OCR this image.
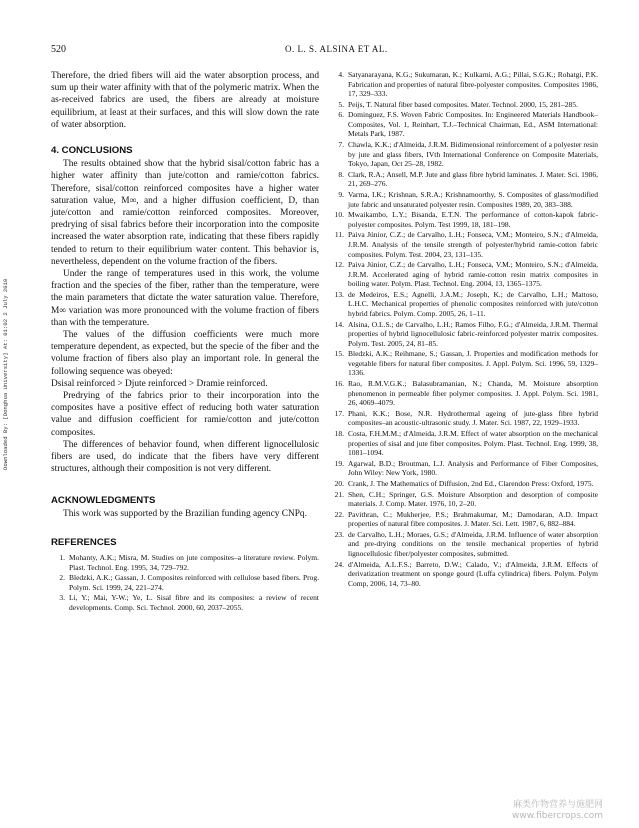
520	O. L. S. ALSINA ET AL.
Downloaded By: [Donghua University] At: 01:02 2 July 2010

Therefore, the dried fibers will aid the water absorption process, and sum up their water affinity with that of the polymeric matrix. When the as-received fabrics are used, the fibers are already at moisture equilibrium, at least at their surfaces, and this will slow down the rate of water absorption.

4. CONCLUSIONS

The results obtained show that the hybrid sisal/cotton fabric has a higher water affinity than jute/cotton and ramie/cotton fabrics. Therefore, sisal/cotton reinforced composites have a higher water saturation value, M∞, and a higher diffusion coefficient, D, than jute/cotton and ramie/cotton reinforced composites. Moreover, predrying of sisal fabrics before their incorporation into the composite increased the water absorption rate, indicating that these fibers rapidly tended to return to their equilibrium water content. This behavior is, nevertheless, dependent on the volume fraction of the fibers.

Under the range of temperatures used in this work, the volume fraction and the species of the fiber, rather than the temperature, were the main parameters that dictate the water saturation value. Therefore, M∞ variation was more pronounced with the volume fraction of fibers than with the temperature.

The values of the diffusion coefficients were much more temperature dependent, as expected, but the specie of the fiber and the volume fraction of fibers also play an important role. In general the following sequence was obeyed:

Dsisal reinforced > Djute reinforced > Dramie reinforced.

Predrying of the fabrics prior to their incorporation into the composites have a positive effect of reducing both water saturation value and diffusion coefficient for ramie/cotton and jute/cotton composites.

The differences of behavior found, when different lignocellulosic fibers are used, do indicate that the fibers have very different structures, although their composition is not very different.

ACKNOWLEDGMENTS

This work was supported by the Brazilian funding agency CNPq.

REFERENCES
1. Mohanty, A.K.; Misra, M. Studies on jute composites–a literature review. Polym. Plast. Technol. Eng. 1995, 34, 729–792.
2. Bledzki, A.K.; Gassan, J. Composites reinforced with cellulose based fibers. Prog. Polym. Sci. 1999, 24, 221–274.
3. Li, Y.; Mai, Y-W.; Ye, L. Sisal fibre and its composites: a review of recent developments. Comp. Sci. Technol. 2000, 60, 2037–2055.
4. Satyanarayana, K.G.; Sukumaran, K.; Kulkarni, A.G.; Pillai, S.G.K.; Rohatgi, P.K. Fabrication and properties of natural fibre-polyester composites. Composites 1986, 17, 329–333.
5. Peijs, T. Natural fiber based composites. Mater. Technol. 2000, 15, 281–285.
6. Dominguez, F.S. Woven Fabric Composites. In: Engineered Materials Handbook–Composites, Vol. 1, Reinhart, T.J.–Technical Chairman, Ed., ASM International: Metals Park, 1987.
7. Chawla, K.K.; d'Almeida, J.R.M. Bidimensional reinforcement of a polyester resin by jute and glass fibers, IVth International Conference on Composite Materials, Tokyo, Japan, Oct 25–28, 1982.
8. Clark, R.A.; Ansell, M.P. Jute and glass fibre hybrid laminates. J. Mater. Sci. 1986, 21, 269–276.
9. Varma, I.K.; Krishnan, S.R.A.; Krishnamoorthy, S. Composites of glass/modified jute fabric and unsaturated polyester resin. Composites 1989, 20, 383–388.
10. Mwaikambo, L.Y.; Bisanda, E.T.N. The performance of cotton-kapok fabric-polyester composites. Polym. Test 1999, 18, 181–198.
11. Paiva Júnior, C.Z.; de Carvalho, L.H.; Fonseca, V.M.; Monteiro, S.N.; d'Almeida, J.R.M. Analysis of the tensile strength of polyester/hybrid ramie-cotton fabric composites. Polym. Test. 2004, 23, 131–135.
12. Paiva Júnior, C.Z.; de Carvalho, L.H.; Fonseca, V.M.; Monteiro, S.N.; d'Almeida, J.R.M. Accelerated aging of hybrid ramie-cotton resin matrix composites in boiling water. Polym. Plast. Technol. Eng. 2004, 13, 1365–1375.
13. de Medeiros, E.S.; Agnelli, J.A.M.; Joseph, K.; de Carvalho, L.H.; Mattoso, L.H.C. Mechanical properties of phenolic composites reinforced with jute/cotton hybrid fabrics. Polym. Comp. 2005, 26, 1–11.
14. Alsina, O.L.S.; de Carvalho, L.H.; Ramos Filho, F.G.; d'Almeida, J.R.M. Thermal properties of hybrid lignocellulosic fabric-reinforced polyester matrix composites. Polym. Test. 2005, 24, 81–85.
15. Bledzki, A.K.; Reihmane, S.; Gassan, J. Properties and modification methods for vegetable fibers for natural fiber composites. J. Appl. Polym. Sci. 1996, 59, 1329–1336.
16. Rao, R.M.V.G.K.; Balasubramanian, N.; Chanda, M. Moisture absorption phenomenon in permeable fiber polymer composites. J. Appl. Polym. Sci. 1981, 26, 4069–4079.
17. Phani, K.K.; Bose, N.R. Hydrothermal ageing of jute-glass fibre hybrid composites–an acoustic-ultrasonic study. J. Mater. Sci. 1987, 22, 1929–1933.
18. Costa, F.H.M.M.; d'Almeida, J.R.M. Effect of water absorption on the mechanical properties of sisal and jute fiber composites. Polym. Plast. Technol. Eng. 1999, 38, 1081–1094.
19. Agarwal, B.D.; Broutman, L.J. Analysis and Performance of Fiber Composites, John Wiley: New York, 1980.
20. Crank, J. The Mathematics of Diffusion, 2nd Ed., Clarendon Press: Oxford, 1975.
21. Shen, C.H.; Springer, G.S. Moisture Absorption and desorption of composite materials. J. Comp. Mater. 1976, 10, 2–20.
22. Pavithran, C.; Mukherjee, P.S.; Brahmakumar, M.; Damodaran, A.D. Impact properties of natural fibre composites. J. Mater. Sci. Lett. 1987, 6, 882–884.
23. de Carvalho, L.H.; Moraes, G.S.; d'Almeida, J.R.M. Influence of water absorption and pre-drying conditions on the tensile mechanical properties of hybrid lignocellulosic fiber/polyester composites, submitted.
24. d'Almeida, A.L.F.S.; Barreto, D.W.; Calado, V.; d'Almeida, J.R.M. Effects of derivatization treatment on sponge gourd (Luffa cylindrica) fibers. Polym. Polym Comp, 2006, 14, 73–80.
麻类作物营养与施肥网
www.fibercrops.com
